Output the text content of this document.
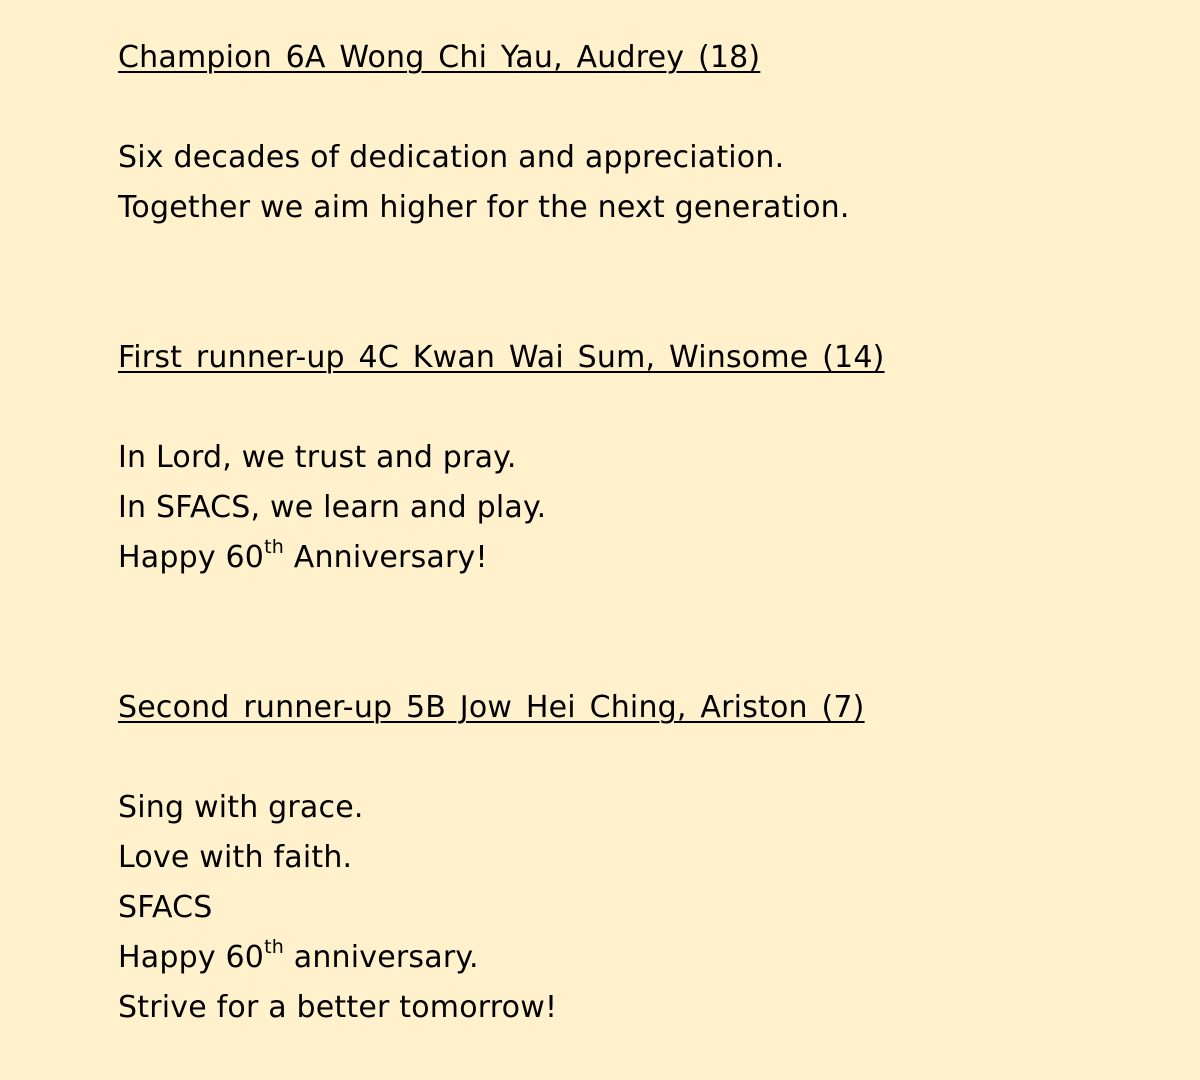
Champion 6A Wong Chi Yau, Audrey (18)
Six decades of dedication and appreciation.
Together we aim higher for the next generation.
First runner-up 4C Kwan Wai Sum, Winsome (14)
In Lord, we trust and pray.
In SFACS, we learn and play.
Happy 60th Anniversary!
Second runner-up 5B Jow Hei Ching, Ariston (7)
Sing with grace.
Love with faith.
SFACS
Happy 60th anniversary.
Strive for a better tomorrow!
